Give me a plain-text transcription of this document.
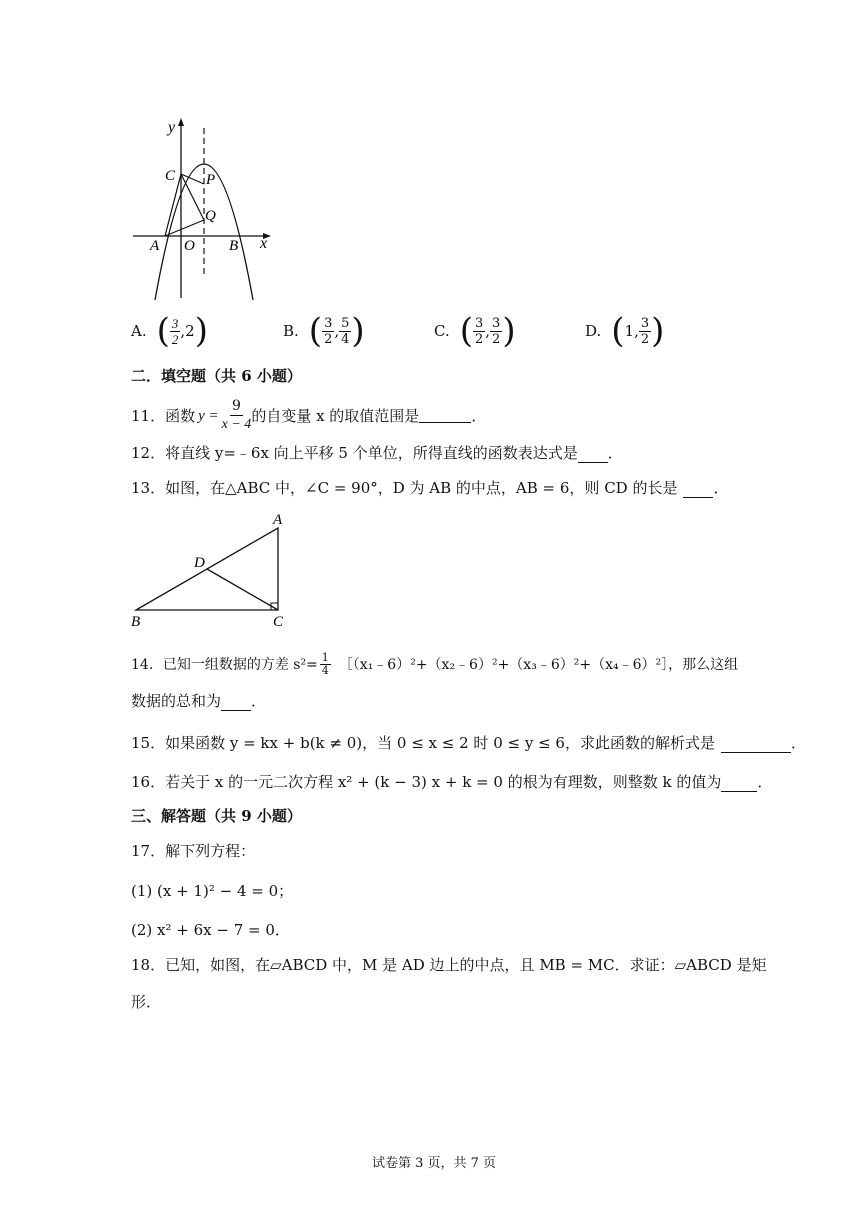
y
C P
Q
A O B x
A. ( $\frac{3}{2}$ , 2 )	B. ( $\frac{3}{2}$ , $\frac{5}{4}$ )	C. ( $\frac{3}{2}$ , $\frac{3}{2}$ )	D. ( 1 , $\frac{3}{2}$ )
二．填空题（共 6 小题）
11． 函数 $y = \frac{9}{x - 4}$ 的自变量 x 的取值范围是	．
12．将直线 y=﹣6x 向上平移 5 个单位，所得直线的函数表达式是 ．
13．如图，在△ABC 中，∠C = 90°，D 为 AB 的中点，AB = 6，则 CD 的长是 ．
A
D
B	C
14．已知一组数据的方差 $s^2= \frac{1}{4}$ ［（x₁﹣6）²+（x₂﹣6）²+（x₃﹣6）²+（x₄﹣6）²］，那么这组
数据的总和为 ．
15．如果函数 y = kx + b(k ≠ 0)，当 0 ≤ x ≤ 2 时 0 ≤ y ≤ 6，求此函数的解析式是	．
16．若关于 x 的一元二次方程 x² + (k − 3) x + k = 0 的根为有理数，则整数 k 的值为 ．
三、解答题（共 9 小题）
17．解下列方程：
(1) (x + 1)² − 4 = 0；
(2) x² + 6x − 7 = 0．
18．已知，如图，在▱ABCD 中，M 是 AD 边上的中点，且 MB = MC．求证：▱ABCD 是矩
形．
试卷第 3 页，共 7 页
